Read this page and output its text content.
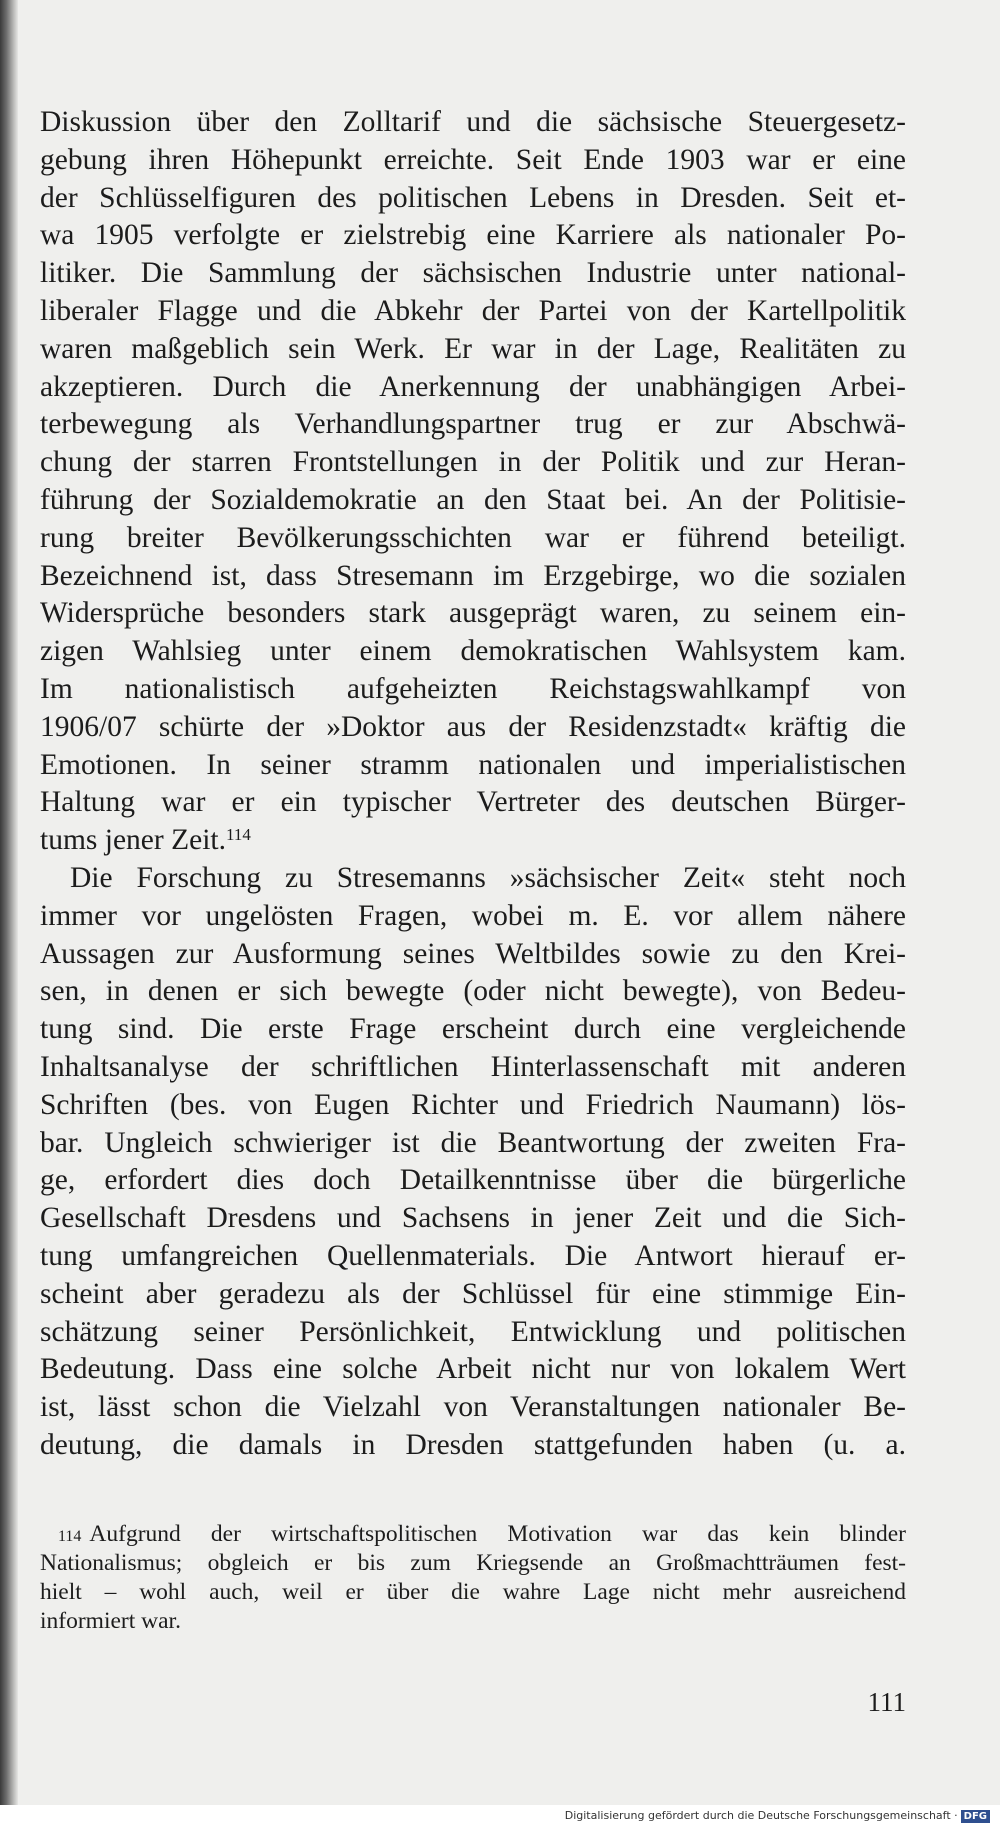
Diskussion über den Zolltarif und die sächsische Steuergesetz-
gebung ihren Höhepunkt erreichte. Seit Ende 1903 war er eine
der Schlüsselfiguren des politischen Lebens in Dresden. Seit et-
wa 1905 verfolgte er zielstrebig eine Karriere als nationaler Po-
litiker. Die Sammlung der sächsischen Industrie unter national-
liberaler Flagge und die Abkehr der Partei von der Kartellpolitik
waren maßgeblich sein Werk. Er war in der Lage, Realitäten zu
akzeptieren. Durch die Anerkennung der unabhängigen Arbei-
terbewegung als Verhandlungspartner trug er zur Abschwä-
chung der starren Frontstellungen in der Politik und zur Heran-
führung der Sozialdemokratie an den Staat bei. An der Politisie-
rung breiter Bevölkerungsschichten war er führend beteiligt.
Bezeichnend ist, dass Stresemann im Erzgebirge, wo die sozialen
Widersprüche besonders stark ausgeprägt waren, zu seinem ein-
zigen Wahlsieg unter einem demokratischen Wahlsystem kam.
Im nationalistisch aufgeheizten Reichstagswahlkampf von
1906/07 schürte der »Doktor aus der Residenzstadt« kräftig die
Emotionen. In seiner stramm nationalen und imperialistischen
Haltung war er ein typischer Vertreter des deutschen Bürger-
tums jener Zeit.$^{114}$
Die Forschung zu Stresemanns »sächsischer Zeit« steht noch
immer vor ungelösten Fragen, wobei m. E. vor allem nähere
Aussagen zur Ausformung seines Weltbildes sowie zu den Krei-
sen, in denen er sich bewegte (oder nicht bewegte), von Bedeu-
tung sind. Die erste Frage erscheint durch eine vergleichende
Inhaltsanalyse der schriftlichen Hinterlassenschaft mit anderen
Schriften (bes. von Eugen Richter und Friedrich Naumann) lös-
bar. Ungleich schwieriger ist die Beantwortung der zweiten Fra-
ge, erfordert dies doch Detailkenntnisse über die bürgerliche
Gesellschaft Dresdens und Sachsens in jener Zeit und die Sich-
tung umfangreichen Quellenmaterials. Die Antwort hierauf er-
scheint aber geradezu als der Schlüssel für eine stimmige Ein-
schätzung seiner Persönlichkeit, Entwicklung und politischen
Bedeutung. Dass eine solche Arbeit nicht nur von lokalem Wert
ist, lässt schon die Vielzahl von Veranstaltungen nationaler Be-
deutung, die damals in Dresden stattgefunden haben (u. a.
$^{114}$ Aufgrund der wirtschaftspolitischen Motivation war das kein blinder
Nationalismus; obgleich er bis zum Kriegsende an Großmachtträumen fest-
hielt – wohl auch, weil er über die wahre Lage nicht mehr ausreichend
informiert war.
111
Digitalisierung gefördert durch die Deutsche Forschungsgemeinschaft · DFG
